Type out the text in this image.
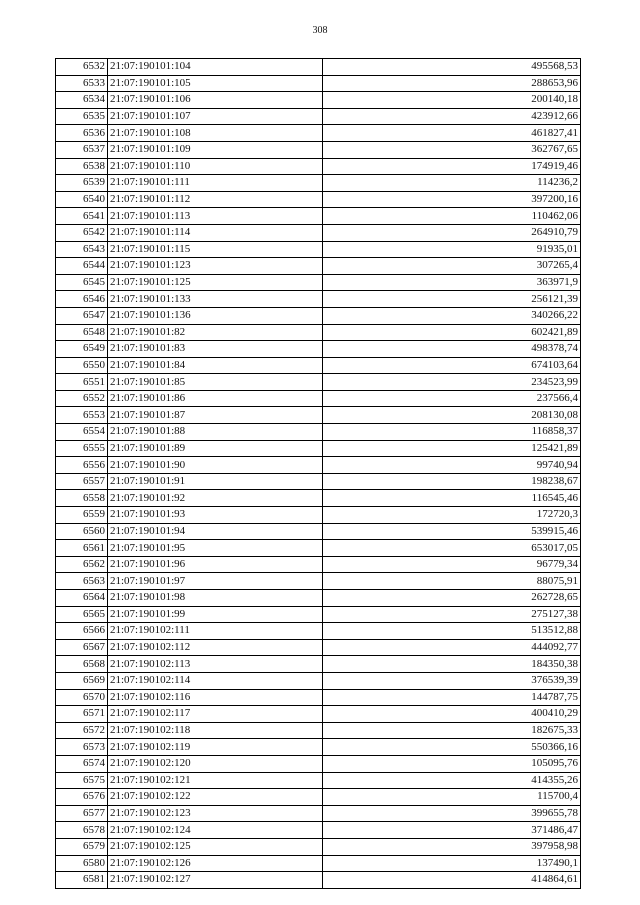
308
6532	21:07:190101:104	495568,53
6533	21:07:190101:105	288653,96
6534	21:07:190101:106	200140,18
6535	21:07:190101:107	423912,66
6536	21:07:190101:108	461827,41
6537	21:07:190101:109	362767,65
6538	21:07:190101:110	174919,46
6539	21:07:190101:111	114236,2
6540	21:07:190101:112	397200,16
6541	21:07:190101:113	110462,06
6542	21:07:190101:114	264910,79
6543	21:07:190101:115	91935,01
6544	21:07:190101:123	307265,4
6545	21:07:190101:125	363971,9
6546	21:07:190101:133	256121,39
6547	21:07:190101:136	340266,22
6548	21:07:190101:82	602421,89
6549	21:07:190101:83	498378,74
6550	21:07:190101:84	674103,64
6551	21:07:190101:85	234523,99
6552	21:07:190101:86	237566,4
6553	21:07:190101:87	208130,08
6554	21:07:190101:88	116858,37
6555	21:07:190101:89	125421,89
6556	21:07:190101:90	99740,94
6557	21:07:190101:91	198238,67
6558	21:07:190101:92	116545,46
6559	21:07:190101:93	172720,3
6560	21:07:190101:94	539915,46
6561	21:07:190101:95	653017,05
6562	21:07:190101:96	96779,34
6563	21:07:190101:97	88075,91
6564	21:07:190101:98	262728,65
6565	21:07:190101:99	275127,38
6566	21:07:190102:111	513512,88
6567	21:07:190102:112	444092,77
6568	21:07:190102:113	184350,38
6569	21:07:190102:114	376539,39
6570	21:07:190102:116	144787,75
6571	21:07:190102:117	400410,29
6572	21:07:190102:118	182675,33
6573	21:07:190102:119	550366,16
6574	21:07:190102:120	105095,76
6575	21:07:190102:121	414355,26
6576	21:07:190102:122	115700,4
6577	21:07:190102:123	399655,78
6578	21:07:190102:124	371486,47
6579	21:07:190102:125	397958,98
6580	21:07:190102:126	137490,1
6581	21:07:190102:127	414864,61
